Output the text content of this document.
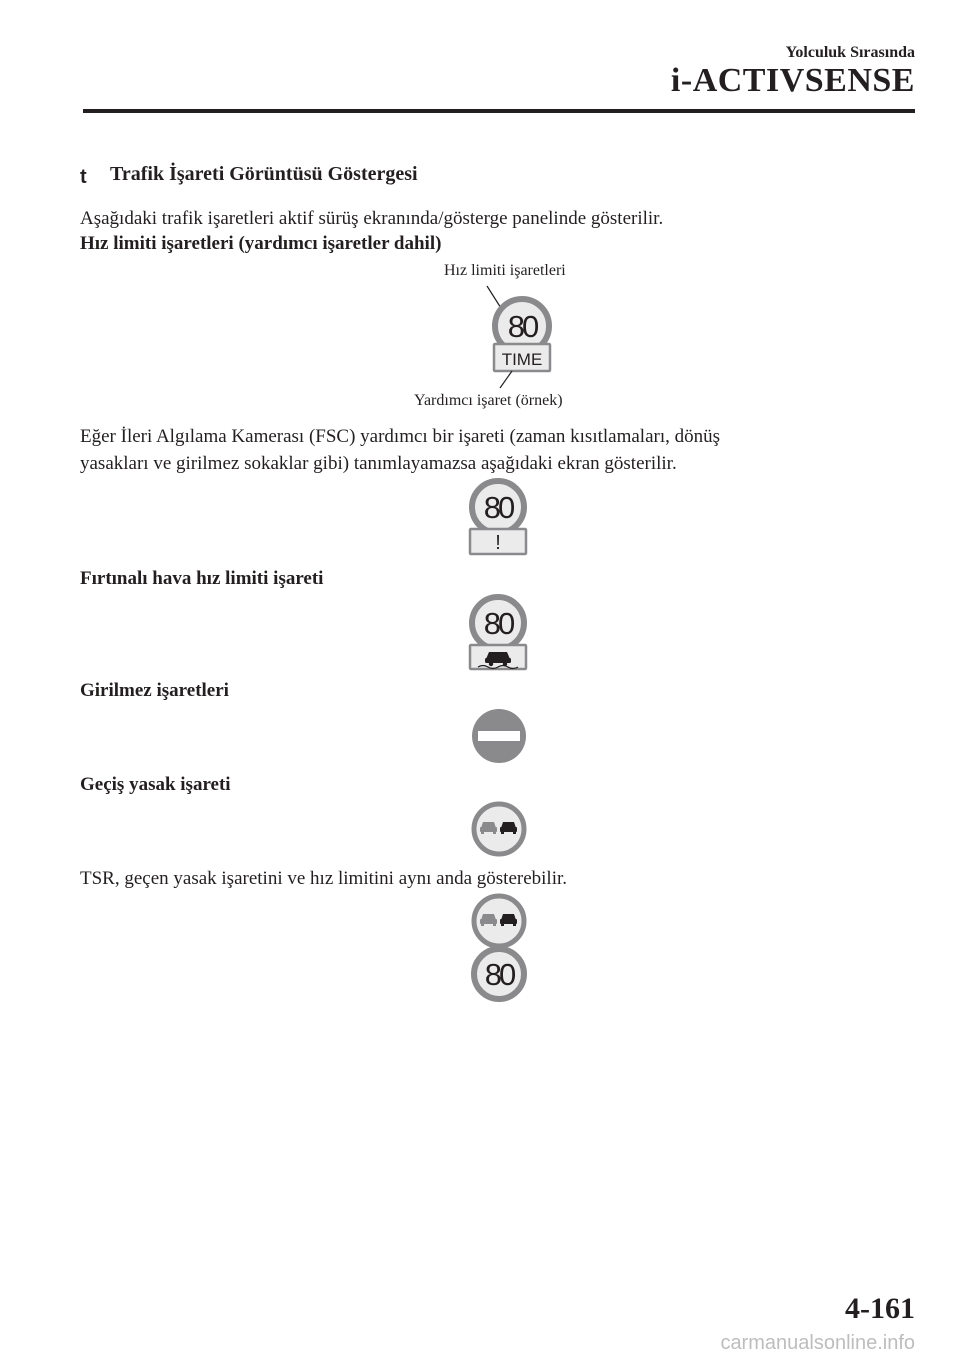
Yolculuk Sırasında
i-ACTIVSENSE
t Trafik İşareti Görüntüsü Göstergesi
Aşağıdaki trafik işaretleri aktif sürüş ekranında/gösterge panelinde gösterilir.
Hız limiti işaretleri (yardımcı işaretler dahil)
Hız limiti işaretleri
80
TIME
Yardımcı işaret (örnek)
Eğer İleri Algılama Kamerası (FSC) yardımcı bir işareti (zaman kısıtlamaları, dönüş
yasakları ve girilmez sokaklar gibi) tanımlayamazsa aşağıdaki ekran gösterilir.
80
!
Fırtınalı hava hız limiti işareti
80
Girilmez işaretleri
Geçiş yasak işareti
TSR, geçen yasak işaretini ve hız limitini aynı anda gösterebilir.
80
4-161
carmanualsonline.info
